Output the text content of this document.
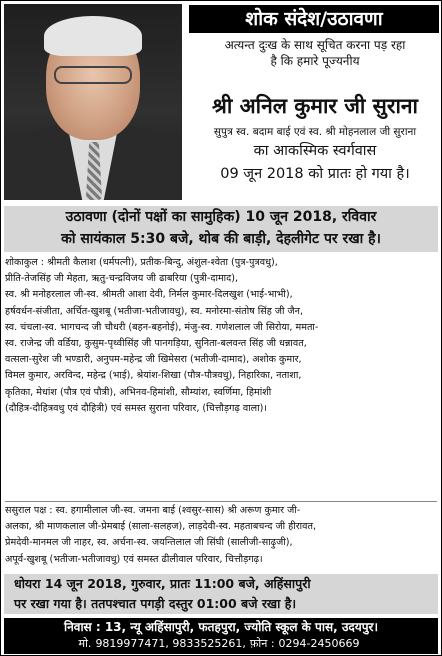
शोक संदेश/उठावणा
अत्यन्त दुःख के साथ सूचित करना पड़ रहा
है कि हमारे पूज्यनीय
श्री अनिल कुमार जी सुराना
सुपुत्र स्व. बदाम बाई एवं स्व. श्री मोहनलाल जी सुराना
का आकस्मिक स्वर्गवास
09 जून 2018 को प्रातः हो गया है।
उठावणा (दोनों पक्षों का सामुहिक) 10 जून 2018, रविवार
को सायंकाल 5:30 बजे, थोब की बाड़ी, देहलीगेट पर रखा है।
शोकाकुल : श्रीमती कैलाश (धर्मपत्नी), प्रतीक-बिन्दु, अंशुल-श्वेता (पुत्र-पुत्रवधु),
प्रीति-तेजसिंह जी मेहता, ऋतु-चन्द्रविजय जी ढाबरिया (पुत्री-दामाद),
स्व. श्री मनोहरलाल जी-स्व. श्रीमती आशा देवी, निर्मल कुमार-दिलखुश (भाई-भाभी),
हर्षवर्धन-संजीता, अर्चित-खुशबू (भतीजा-भतीजावधु), स्व. मनोरमा-संतोष सिंह जी जैन,
स्व. चंचला-स्व. भागचन्द जी चौधरी (बहन-बहनोई), मंजु-स्व. गणेशलाल जी सिरोया, ममता-
स्व. राजेन्द्र जी वर्डिया, कुसुम-पृथ्वीसिंह जी पानगड़िया, सुनिता-बलवन्त सिंह जी धन्नावत,
वत्सला-सुरेश जी भण्डारी, अनुपम-महेन्द्र जी खिमेसरा (भतीजी-दामाद), अशोक कुमार,
विमल कुमार, अरविन्द, महेन्द्र (भाई), श्रेयांश-शिखा (पौत्र-पौत्रवधु), निहारिका, नताशा,
कृतिका, मेधांश (पौत्र एवं पौत्री), अभिनव-हिमांशी, सौम्यांश, स्वर्णिमा, हिमांशी
(दौहित्र-दौहित्रवधु एवं दौहित्री) एवं समस्त सुराना परिवार, (चित्तौड़गढ़ वाला)।
ससुराल पक्ष : स्व. हगामीलाल जी-स्व. जमना बाई (श्वसुर-सास) श्री अरूण कुमार जी-
अलका, श्री माणकलाल जी-प्रेमबाई (साला-सलहज), लाड़देवी-स्व. महताबचन्द जी हीरावत,
प्रेमदेवी-मानमल जी नाहर, स्व. अर्चना-स्व. जयन्तिलाल जी सिंघी (सालीजी-साढ़ुजी),
अपूर्व-खुशबू (भतीजा-भतीजावधु) एवं समस्त ढीलीवाल परिवार, चित्तौड़गढ़।
धोयरा 14 जून 2018, गुरुवार, प्रातः 11:00 बजे, अहिंसापुरी
पर रखा गया है। ततपश्चात पगड़ी दस्तुर 01:00 बजे रखा है।
निवास : 13, न्यू अहिंसापुरी, फतहपुरा, ज्योति स्कूल के पास, उदयपुर।
मो. 9819977471, 9833525261, फ़ोन : 0294-2450669
